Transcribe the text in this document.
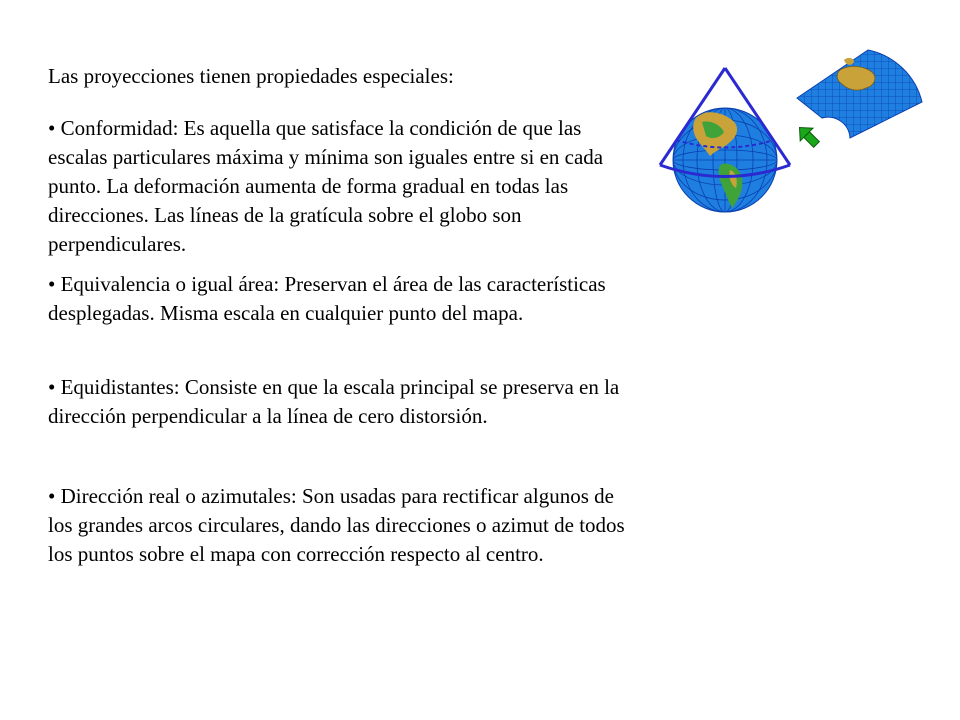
Las proyecciones tienen propiedades especiales:

• Conformidad: Es aquella que satisface la condición de que las escalas particulares máxima y mínima son iguales entre si en cada punto. La deformación aumenta de forma gradual en todas las direcciones. Las líneas de la gratícula sobre el globo son perpendiculares.

• Equivalencia o igual área: Preservan el área de las características desplegadas. Misma escala en cualquier punto del mapa.

• Equidistantes: Consiste en que la escala principal se preserva en la dirección perpendicular a la línea de cero distorsión.

• Dirección real o azimutales: Son usadas para rectificar algunos de los grandes arcos circulares, dando las direcciones o azimut de todos los puntos sobre el mapa con corrección respecto al centro.
